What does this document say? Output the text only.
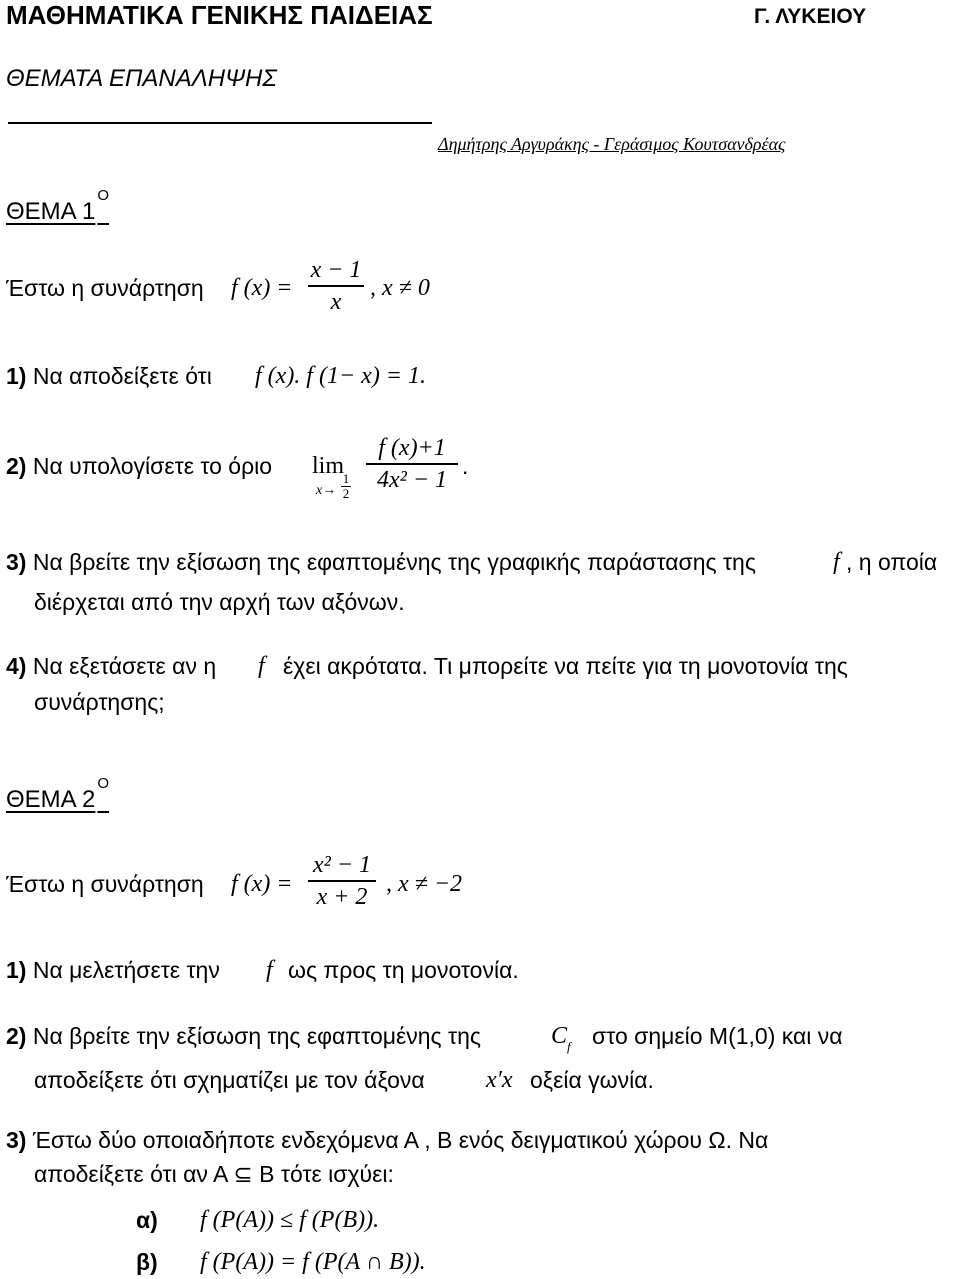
ΜΑΘΗΜΑΤΙΚΑ ΓΕΝΙΚΗΣ ΠΑΙΔΕΙΑΣ	Γ. ΛΥΚΕΙΟΥ
ΘΕΜΑΤΑ ΕΠΑΝΑΛΗΨΗΣ
Δημήτρης Αργυράκης - Γεράσιμος Κουτσανδρέας
ΘΕΜΑ $1^O$
Έστω η συνάρτηση f (x) =
x − 1
x
, x ≠ 0
1) Να αποδείξετε ότι f (x). f (1− x) = 1.
2) Να υπολογίσετε το όριο lim
x→
1
2
f (x)+1
4x² − 1
.
3) Να βρείτε την εξίσωση της εφαπτομένης της γραφικής παράστασης της	f , η οποία
διέρχεται από την αρχή των αξόνων.
4) Να εξετάσετε αν η f έχει ακρότατα. Τι μπορείτε να πείτε για τη μονοτονία της
συνάρτησης;
ΘΕΜΑ $2^O$
Έστω η συνάρτηση f (x) =
x² − 1
x + 2 , x ≠ −2
1) Να μελετήσετε την f ως προς τη μονοτονία.
2) Να βρείτε την εξίσωση της εφαπτομένης της	$C_f$ στο σημείο Μ(1,0) και να
αποδείξετε ότι σχηματίζει με τον άξονα	x′x οξεία γωνία.
3) Έστω δύο οποιαδήποτε ενδεχόμενα Α , Β ενός δειγματικού χώρου Ω. Να
αποδείξετε ότι αν Α ⊆ Β τότε ισχύει:
α) f (P(A)) ≤ f (P(B)).
β) f (P(A)) = f (P(A ∩ B)).
